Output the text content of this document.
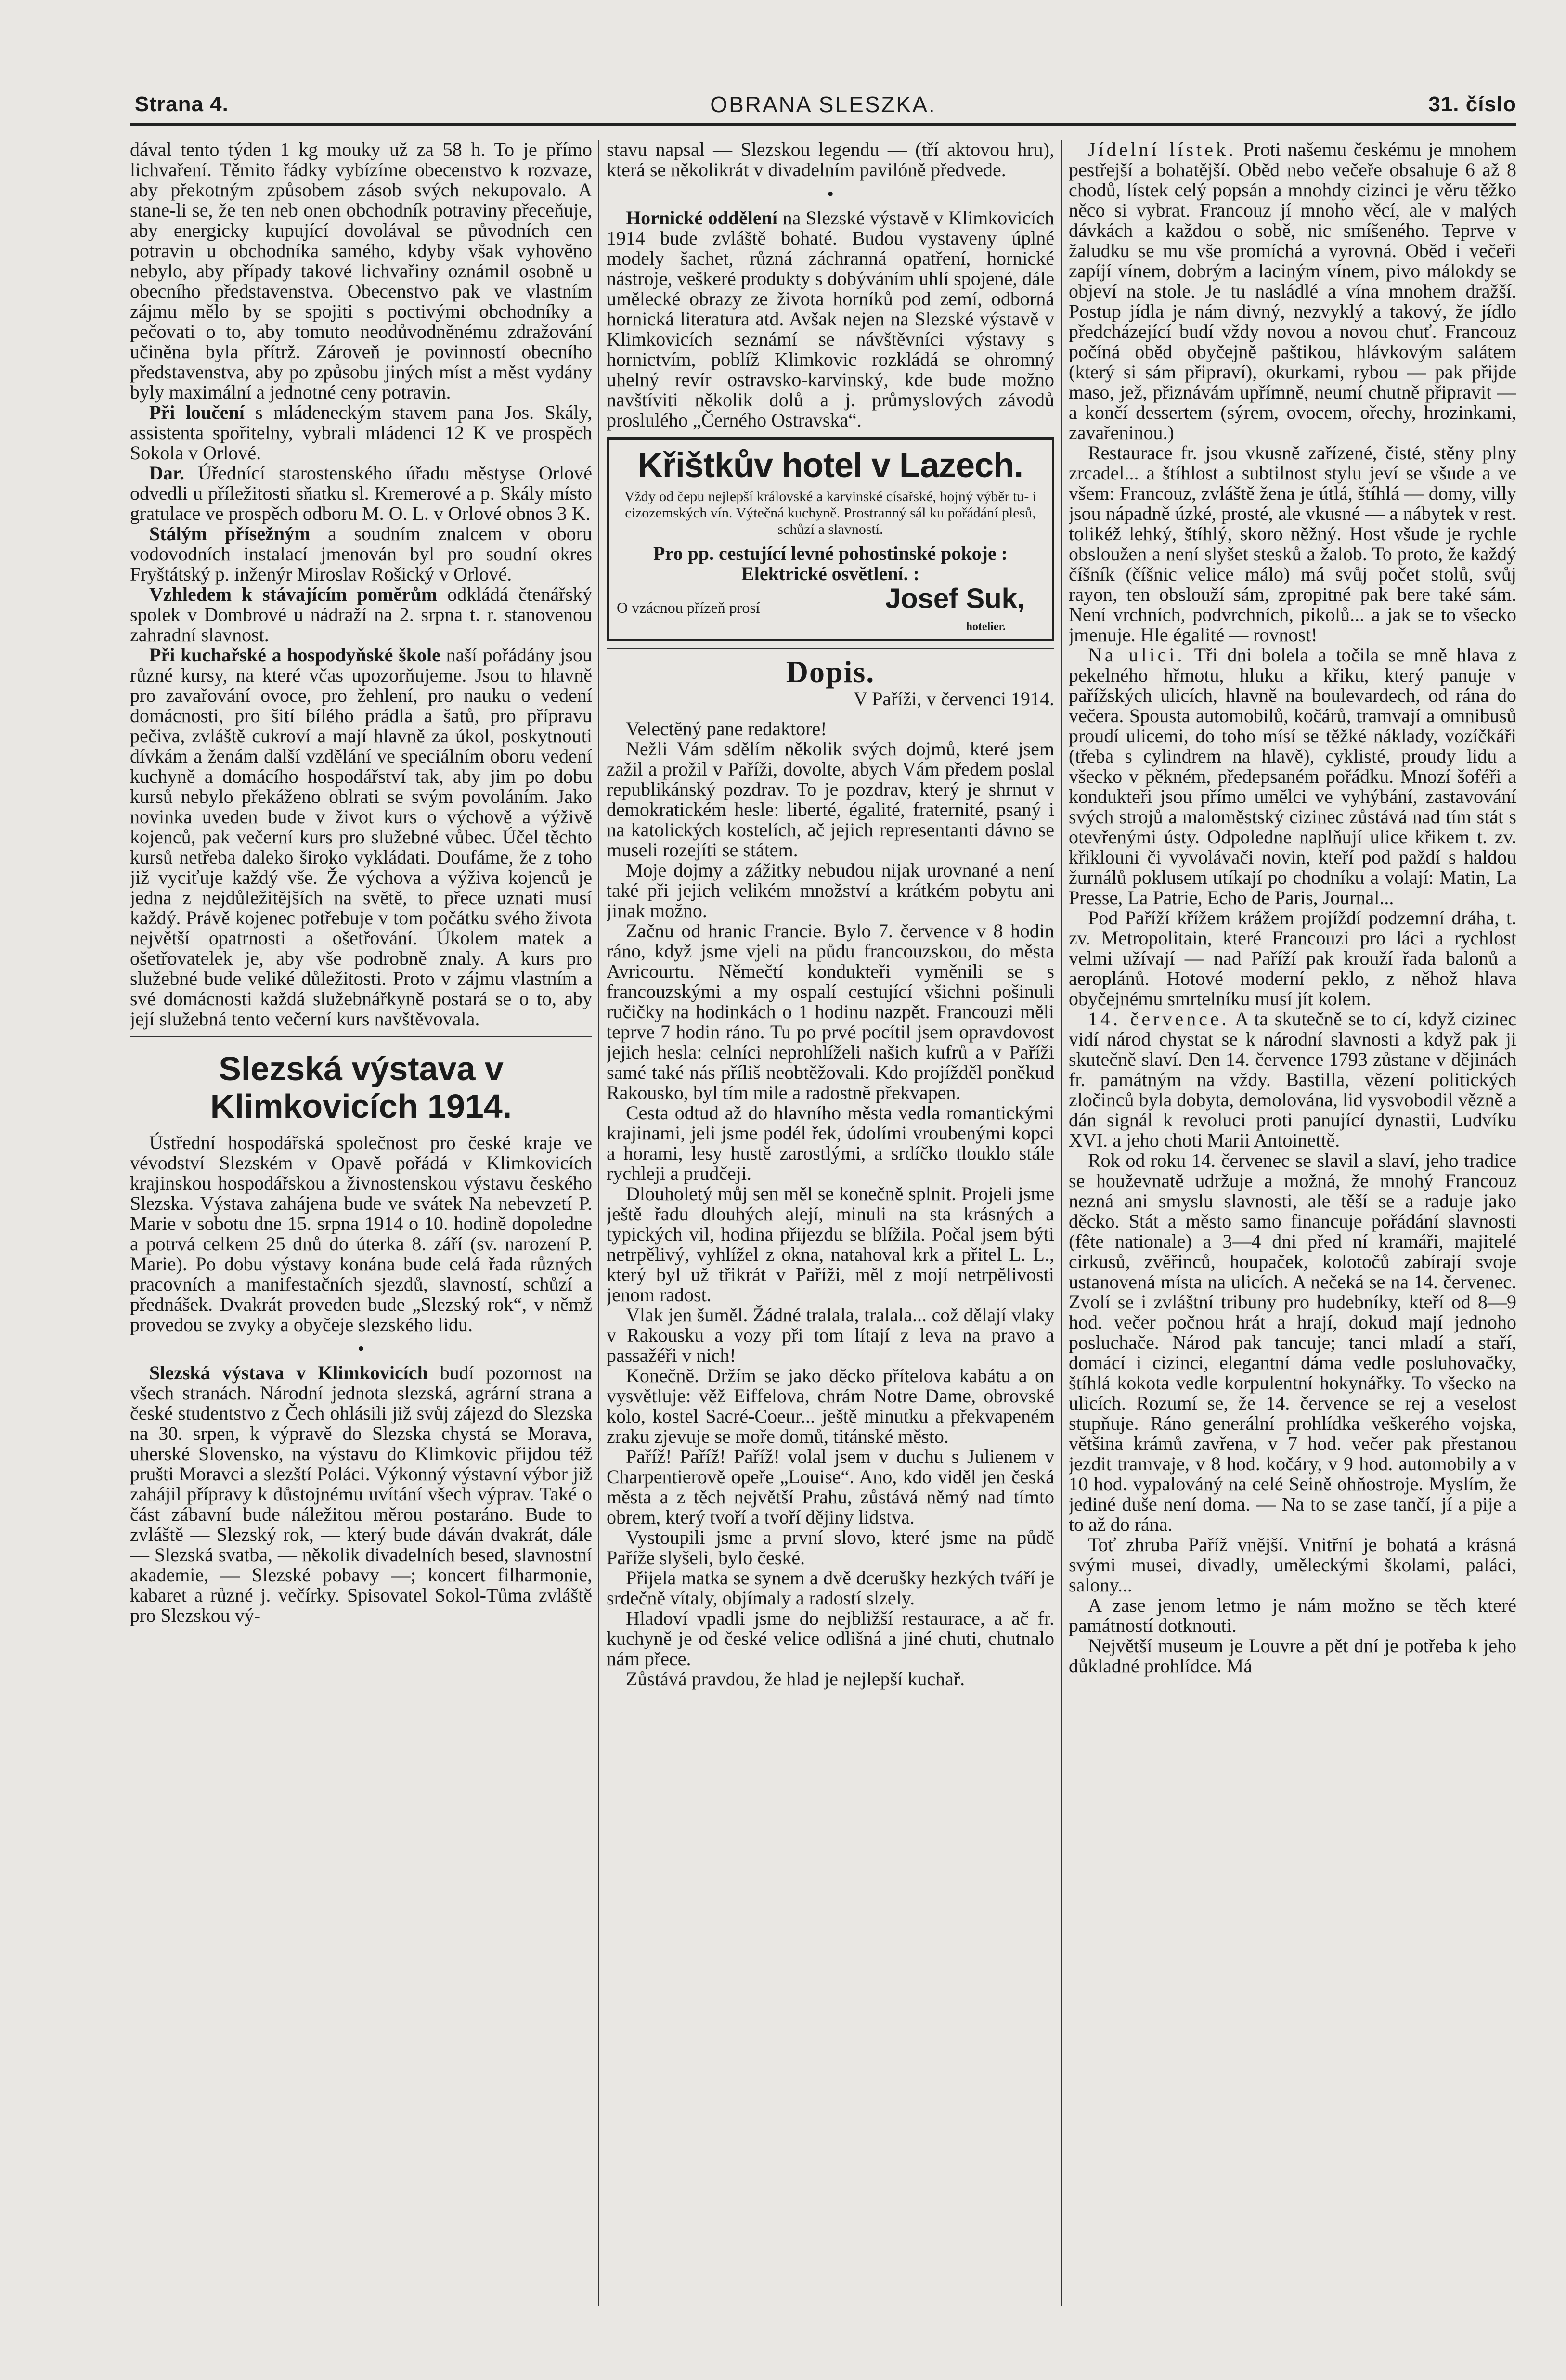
Strana 4.	OBRANA SLESZKA.	31. číslo

dával tento týden 1 kg mouky už za 58 h. To je přímo lichvaření. Těmito řádky vybízíme obecenstvo k rozvaze, aby překotným způsobem zásob svých nekupovalo. A stane-li se, že ten neb onen obchodník potraviny přeceňuje, aby energicky kupující dovolával se původních cen potravin u obchodníka samého, kdyby však vyhověno nebylo, aby případy takové lichvařiny oznámil osobně u obecního představenstva. Obecenstvo pak ve vlastním zájmu mělo by se spojiti s poctivými obchodníky a pečovati o to, aby tomuto neodůvodněnému zdražování učiněna byla přítrž. Zároveň je povinností obecního představenstva, aby po způsobu jiných míst a měst vydány byly maximální a jednotné ceny potravin.

Při loučení s mládeneckým stavem pana Jos. Skály, assistenta spořitelny, vybrali mládenci 12 K ve prospěch Sokola v Orlové.

Dar. Úřednící starostenského úřadu městyse Orlové odvedli u příležitosti sňatku sl. Kremerové a p. Skály místo gratulace ve prospěch odboru M. O. L. v Orlové obnos 3 K.

Stálým přísežným a soudním znalcem v oboru vodovodních instalací jmenován byl pro soudní okres Fryštátský p. inženýr Miroslav Rošický v Orlové.

Vzhledem k stávajícím poměrům odkládá čtenářský spolek v Dombrové u nádraží na 2. srpna t. r. stanovenou zahradní slavnost.

Při kuchařské a hospodyňské škole naší pořádány jsou různé kursy, na které včas upozorňujeme. Jsou to hlavně pro zavařování ovoce, pro žehlení, pro nauku o vedení domácnosti, pro šití bílého prádla a šatů, pro přípravu pečiva, zvláště cukroví a mají hlavně za úkol, poskytnouti dívkám a ženám další vzdělání ve speciálním oboru vedení kuchyně a domácího hospodářství tak, aby jim po dobu kursů nebylo překáženo oblrati se svým povoláním. Jako novinka uveden bude v život kurs o výchově a výživě kojenců, pak večerní kurs pro služebné vůbec. Účel těchto kursů netřeba daleko široko vykládati. Doufáme, že z toho již vyciťuje každý vše. Že výchova a výživa kojenců je jedna z nejdůležitějších na světě, to přece uznati musí každý. Právě kojenec potřebuje v tom počátku svého života největší opatrnosti a ošetřování. Úkolem matek a ošetřovatelek je, aby vše podrobně znaly. A kurs pro služebné bude veliké důležitosti. Proto v zájmu vlastním a své domácnosti každá služebnářkyně postará se o to, aby její služebná tento večerní kurs navštěvovala.

Slezská výstava v Klimkovicích 1914.

Ústřední hospodářská společnost pro české kraje ve vévodství Slezském v Opavě pořádá v Klimkovicích krajinskou hospodářskou a živnostenskou výstavu českého Slezska. Výstava zahájena bude ve svátek Na nebevzetí P. Marie v sobotu dne 15. srpna 1914 o 10. hodině dopoledne a potrvá celkem 25 dnů do úterka 8. září (sv. narození P. Marie). Po dobu výstavy konána bude celá řada různých pracovních a manifestačních sjezdů, slavností, schůzí a přednášek. Dvakrát proveden bude „Slezský rok“, v němž provedou se zvyky a obyčeje slezského lidu.

•

Slezská výstava v Klimkovicích budí pozornost na všech stranách. Národní jednota slezská, agrární strana a české studentstvo z Čech ohlásili již svůj zájezd do Slezska na 30. srpen, k výpravě do Slezska chystá se Morava, uherské Slovensko, na výstavu do Klimkovic přijdou též prušti Moravci a slezští Poláci. Výkonný výstavní výbor již zahájil přípravy k důstojnému uvítání všech výprav. Také o část zábavní bude náležitou měrou postaráno. Bude to zvláště — Slezský rok, — který bude dáván dvakrát, dále — Slezská svatba, — několik divadelních besed, slavnostní akademie, — Slezské pobavy —; koncert filharmonie, kabaret a různé j. večírky. Spisovatel Sokol-Tůma zvláště pro Slezskou vý-

stavu napsal — Slezskou legendu — (tří aktovou hru), která se několikrát v divadelním pavilóně předvede.

•

Hornické oddělení na Slezské výstavě v Klimkovicích 1914 bude zvláště bohaté. Budou vystaveny úplné modely šachet, různá záchranná opatření, hornické nástroje, veškeré produkty s dobýváním uhlí spojené, dále umělecké obrazy ze života horníků pod zemí, odborná hornická literatura atd. Avšak nejen na Slezské výstavě v Klimkovicích seznámí se návštěvníci výstavy s hornictvím, poblíž Klimkovic rozkládá se ohromný uhelný revír ostravsko-karvinský, kde bude možno navštíviti několik dolů a j. průmyslových závodů proslulého „Černého Ostravska“.

Křištkův hotel v Lazech.
Vždy od čepu nejlepší královské a karvinské císařské, hojný výběr tu- i cizozemských vín. Výtečná kuchyně. Prostranný sál ku pořádání plesů, schůzí a slavností.
Pro pp. cestující levné pohostinské pokoje : Elektrické osvětlení. :
O vzácnou přízeň prosí	Josef Suk,
hotelier.
Dopis.
V Paříži, v červenci 1914.

Velectěný pane redaktore!

Nežli Vám sdělím několik svých dojmů, které jsem zažil a prožil v Paříži, dovolte, abych Vám předem poslal republikánský pozdrav. To je pozdrav, který je shrnut v demokratickém hesle: liberté, égalité, fraternité, psaný i na katolických kostelích, ač jejich representanti dávno se museli rozejíti se státem.

Moje dojmy a zážitky nebudou nijak urovnané a není také při jejich velikém množství a krátkém pobytu ani jinak možno.

Začnu od hranic Francie. Bylo 7. července v 8 hodin ráno, když jsme vjeli na půdu francouzskou, do města Avricourtu. Němečtí kondukteři vyměnili se s francouzskými a my ospalí cestující všichni pošinuli ručičky na hodinkách o 1 hodinu nazpět. Francouzi měli teprve 7 hodin ráno. Tu po prvé pocítil jsem opravdovost jejich hesla: celníci neprohlíželi našich kufrů a v Paříži samé také nás příliš neobtěžovali. Kdo projížděl poněkud Rakousko, byl tím mile a radostně překvapen.

Cesta odtud až do hlavního města vedla romantickými krajinami, jeli jsme podél řek, údolími vroubenými kopci a horami, lesy hustě zarostlými, a srdíčko tlouklo stále rychleji a prudčeji.

Dlouholetý můj sen měl se konečně splnit. Projeli jsme ještě řadu dlouhých alejí, minuli na sta krásných a typických vil, hodina přijezdu se blížila. Počal jsem býti netrpělivý, vyhlížel z okna, natahoval krk a přitel L. L., který byl už třikrát v Paříži, měl z mojí netrpělivosti jenom radost.

Vlak jen šuměl. Žádné tralala, tralala... což dělají vlaky v Rakousku a vozy při tom lítají z leva na pravo a passažéři v nich!

Konečně. Držím se jako děcko přítelova kabátu a on vysvětluje: věž Eiffelova, chrám Notre Dame, obrovské kolo, kostel Sacré-Coeur... ještě minutku a překvapeném zraku zjevuje se moře domů, titánské město.

Paříž! Paříž! Paříž! volal jsem v duchu s Julienem v Charpentierově opeře „Louise“. Ano, kdo viděl jen česká města a z těch největší Prahu, zůstává němý nad tímto obrem, který tvoří a tvoří dějiny lidstva.

Vystoupili jsme a první slovo, které jsme na půdě Paříže slyšeli, bylo české.

Přijela matka se synem a dvě dcerušky hezkých tváří je srdečně vítaly, objímaly a radostí slzely.

Hladoví vpadli jsme do nejbližší restaurace, a ač fr. kuchyně je od české velice odlišná a jiné chuti, chutnalo nám přece.

Zůstává pravdou, že hlad je nejlepší kuchař.

Jídelní lístek. Proti našemu českému je mnohem pestřejší a bohatější. Oběd nebo večeře obsahuje 6 až 8 chodů, lístek celý popsán a mnohdy cizinci je věru těžko něco si vybrat. Francouz jí mnoho věcí, ale v malých dávkách a každou o sobě, nic smíšeného. Teprve v žaludku se mu vše promíchá a vyrovná. Oběd i večeři zapíjí vínem, dobrým a laciným vínem, pivo málokdy se objeví na stole. Je tu nasládlé a vína mnohem dražší. Postup jídla je nám divný, nezvyklý a takový, že jídlo předcházející budí vždy novou a novou chuť. Francouz počíná oběd obyčejně paštikou, hlávkovým salátem (který si sám připraví), okurkami, rybou — pak přijde maso, jež, přiznávám upřímně, neumí chutně připravit — a končí dessertem (sýrem, ovocem, ořechy, hrozinkami, zavařeninou.)

Restaurace fr. jsou vkusně zařízené, čisté, stěny plny zrcadel... a štíhlost a subtilnost stylu jeví se všude a ve všem: Francouz, zvláště žena je útlá, štíhlá — domy, villy jsou nápadně úzké, prosté, ale vkusné — a nábytek v rest. tolikéž lehký, štíhlý, skoro něžný. Host všude je rychle obsloužen a není slyšet stesků a žalob. To proto, že každý číšník (číšnic velice málo) má svůj počet stolů, svůj rayon, ten obslouží sám, zpropitné pak bere také sám. Není vrchních, podvrchních, pikolů... a jak se to všecko jmenuje. Hle égalité — rovnost!

Na ulici. Tři dni bolela a točila se mně hlava z pekelného hřmotu, hluku a křiku, který panuje v pařížských ulicích, hlavně na boulevardech, od rána do večera. Spousta automobilů, kočárů, tramvají a omnibusů proudí ulicemi, do toho mísí se těžké náklady, vozíčkáři (třeba s cylindrem na hlavě), cyklisté, proudy lidu a všecko v pěkném, předepsaném pořádku. Mnozí šoféři a kondukteři jsou přímo umělci ve vyhýbání, zastavování svých strojů a maloměstský cizinec zůstává nad tím stát s otevřenými ústy. Odpoledne naplňují ulice křikem t. zv. křiklouni či vyvolávači novin, kteří pod paždí s haldou žurnálů poklusem utíkají po chodníku a volají: Matin, La Presse, La Patrie, Echo de Paris, Journal...

Pod Paříží křížem krážem projíždí podzemní dráha, t. zv. Metropolitain, které Francouzi pro láci a rychlost velmi užívají — nad Paříží pak krouží řada balonů a aeroplánů. Hotové moderní peklo, z něhož hlava obyčejnému smrtelníku musí jít kolem.

14. července. A ta skutečně se to cí, když cizinec vidí národ chystat se k národní slavnosti a když pak ji skutečně slaví. Den 14. července 1793 zůstane v dějinách fr. památným na vždy. Bastilla, vězení politických zločinců byla dobyta, demolována, lid vysvobodil vězně a dán signál k revoluci proti panující dynastii, Ludvíku XVI. a jeho choti Marii Antoinettě.

Rok od roku 14. červenec se slavil a slaví, jeho tradice se houževnatě udržuje a možná, že mnohý Francouz nezná ani smyslu slavnosti, ale těší se a raduje jako děcko. Stát a město samo financuje pořádání slavnosti (fête nationale) a 3—4 dni před ní kramáři, majitelé cirkusů, zvěřinců, houpaček, kolotočů zabírají svoje ustanovená místa na ulicích. A nečeká se na 14. červenec. Zvolí se i zvláštní tribuny pro hudebníky, kteří od 8—9 hod. večer počnou hrát a hrají, dokud mají jednoho posluchače. Národ pak tancuje; tanci mladí a staří, domácí i cizinci, elegantní dáma vedle posluhovačky, štíhlá kokota vedle korpulentní hokynářky. To všecko na ulicích. Rozumí se, že 14. července se rej a veselost stupňuje. Ráno generální prohlídka veškerého vojska, většina krámů zavřena, v 7 hod. večer pak přestanou jezdit tramvaje, v 8 hod. kočáry, v 9 hod. automobily a v 10 hod. vypalováný na celé Seině ohňostroje. Myslím, že jediné duše není doma. — Na to se zase tančí, jí a pije a to až do rána.

Toť zhruba Paříž vnější. Vnitřní je bohatá a krásná svými musei, divadly, uměleckými školami, paláci, salony...

A zase jenom letmo je nám možno se těch které památností dotknouti.

Největší museum je Louvre a pět dní je potřeba k jeho důkladné prohlídce. Má
